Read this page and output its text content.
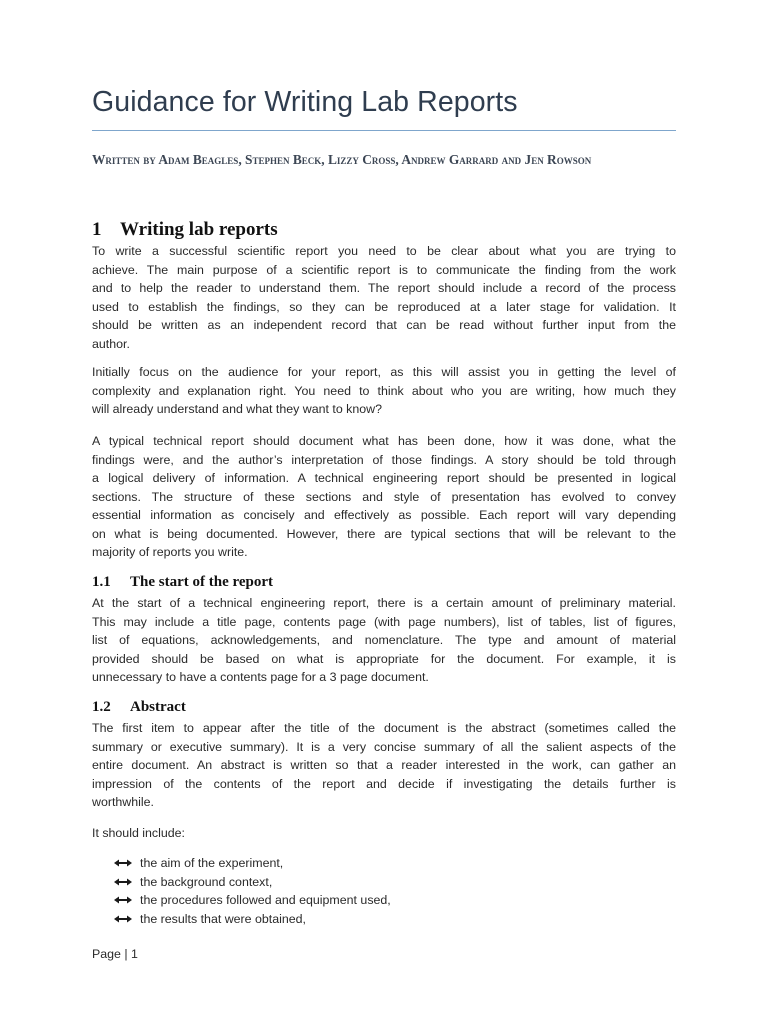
Guidance for Writing Lab Reports
Written by Adam Beagles, Stephen Beck, Lizzy Cross, Andrew Garrard and Jen Rowson
1 Writing lab reports
To write a successful scientific report you need to be clear about what you are trying to
achieve. The main purpose of a scientific report is to communicate the finding from the work
and to help the reader to understand them. The report should include a record of the process
used to establish the findings, so they can be reproduced at a later stage for validation. It
should be written as an independent record that can be read without further input from the
author.
Initially focus on the audience for your report, as this will assist you in getting the level of
complexity and explanation right. You need to think about who you are writing, how much they
will already understand and what they want to know?
A typical technical report should document what has been done, how it was done, what the
findings were, and the author’s interpretation of those findings. A story should be told through
a logical delivery of information. A technical engineering report should be presented in logical
sections. The structure of these sections and style of presentation has evolved to convey
essential information as concisely and effectively as possible. Each report will vary depending
on what is being documented. However, there are typical sections that will be relevant to the
majority of reports you write.
1.1 The start of the report
At the start of a technical engineering report, there is a certain amount of preliminary material.
This may include a title page, contents page (with page numbers), list of tables, list of figures,
list of equations, acknowledgements, and nomenclature. The type and amount of material
provided should be based on what is appropriate for the document. For example, it is
unnecessary to have a contents page for a 3 page document.
1.2 Abstract
The first item to appear after the title of the document is the abstract (sometimes called the
summary or executive summary). It is a very concise summary of all the salient aspects of the
entire document. An abstract is written so that a reader interested in the work, can gather an
impression of the contents of the report and decide if investigating the details further is
worthwhile.
It should include:
the aim of the experiment,
the background context,
the procedures followed and equipment used,
the results that were obtained,
Page | 1
